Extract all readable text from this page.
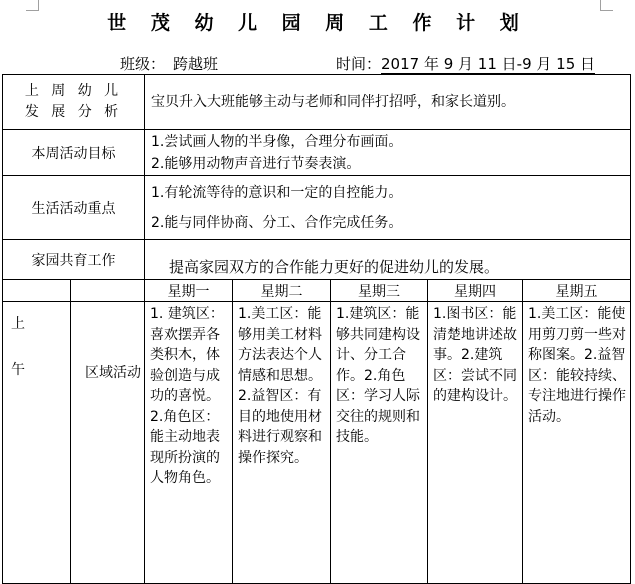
世 茂 幼 儿 园 周 工 作 计 划
班级： 跨越班	时间：2017 年 9 月 11 日-9 月 15 日
上 周 幼 儿
发 展 分 析		宝贝升入大班能够主动与老师和同伴打招呼，和家长道别。				
本周活动目标		1.尝试画人物的半身像，合理分布画面。
2.能够用动物声音进行节奏表演。				

生活活动重点		1.有轮流等待的意识和一定的自控能力。
2.能与同伴协商、分工、合作完成任务。				

家园共育工作		提高家园双方的合作能力更好的促进幼儿的发展。				
		星期一	星期二	星期三	星期四	星期五

上
午	区域活动	1. 建筑区：喜欢摆弄各类积木，体验创造与成功的喜悦。2.角色区：能主动地表现所扮演的人物角色。	1.美工区：能够用美工材料方法表达个人情感和思想。2.益智区：有目的地使用材料进行观察和操作探究。	1.建筑区：能够共同建构设计、分工合作。2.角色区：学习人际交往的规则和技能。	1.图书区：能清楚地讲述故事。2.建筑区：尝试不同的建构设计。	1.美工区：能使用剪刀剪一些对称图案。2.益智区：能较持续、专注地进行操作活动。
